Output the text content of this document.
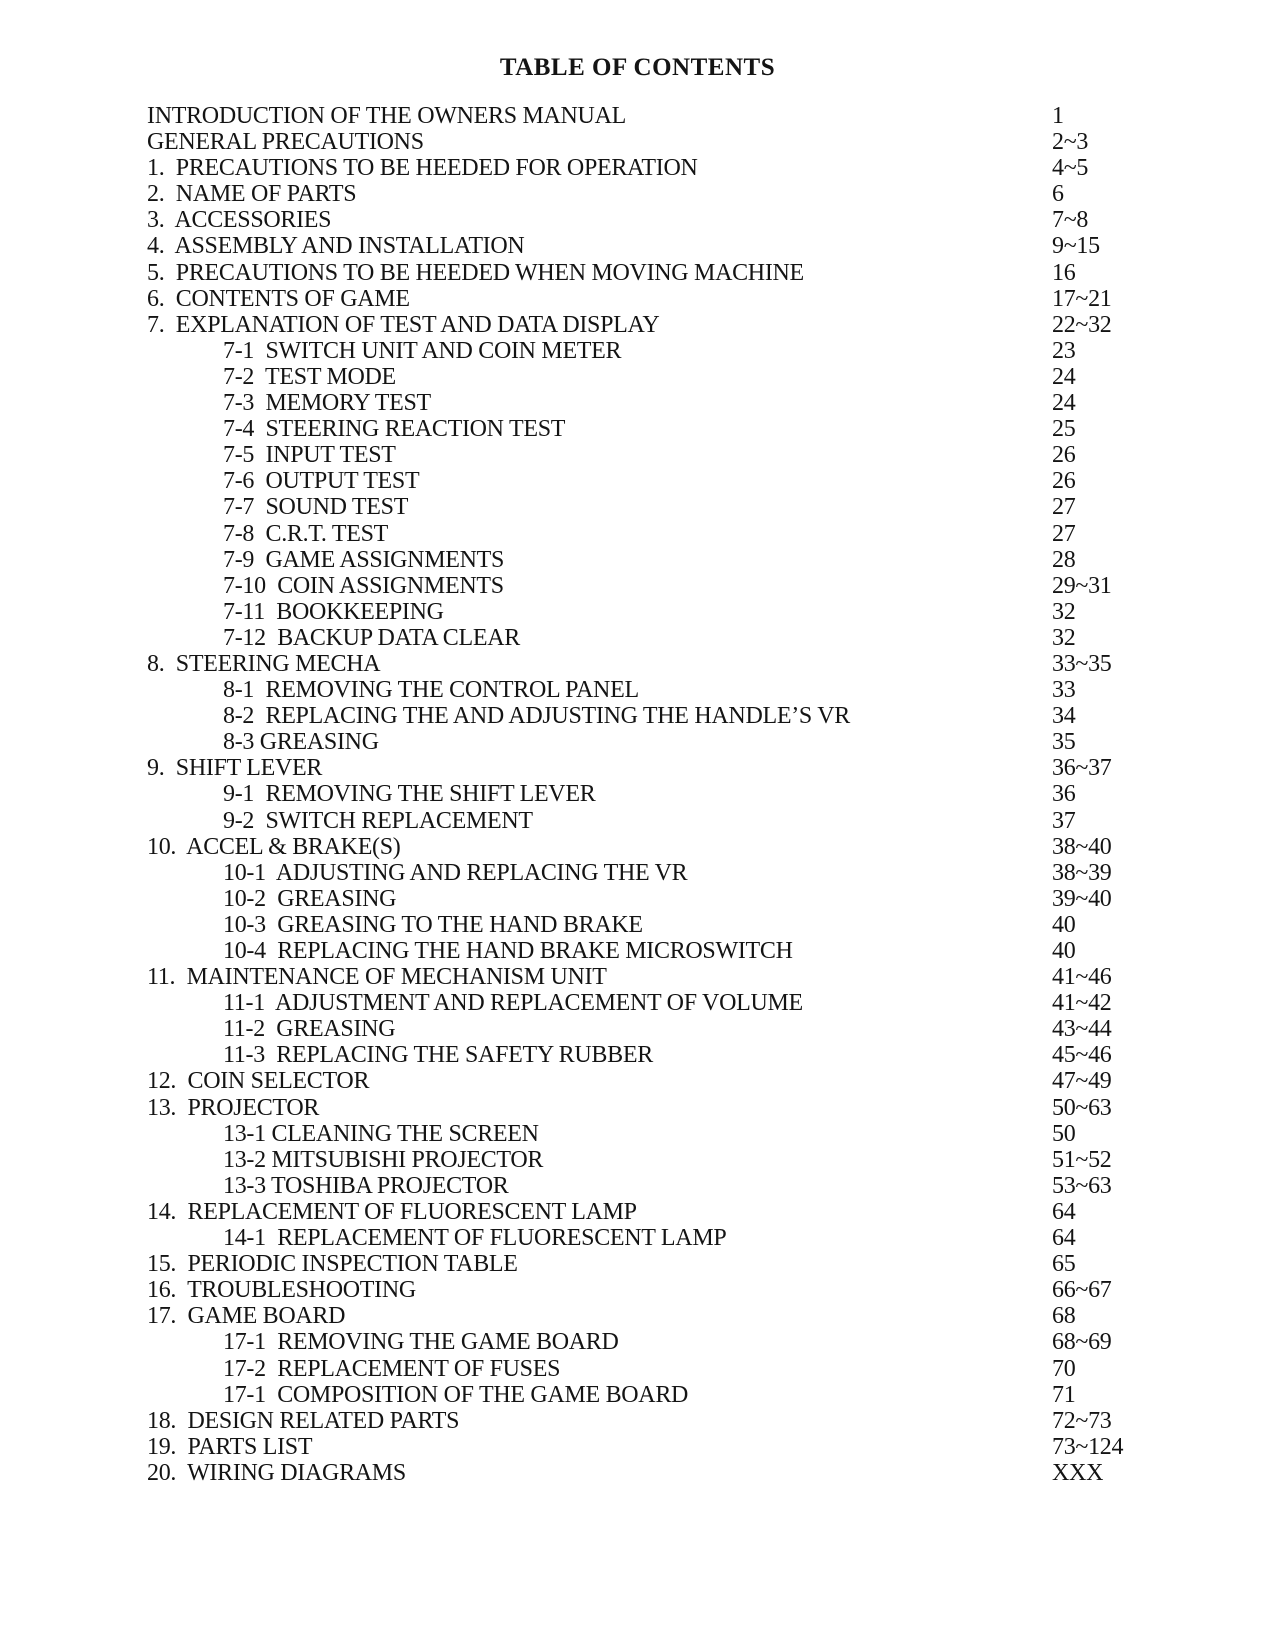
TABLE OF CONTENTS
INTRODUCTION OF THE OWNERS MANUAL	1
GENERAL PRECAUTIONS	2~3
1.  PRECAUTIONS TO BE HEEDED FOR OPERATION	4~5
2.  NAME OF PARTS	6
3.  ACCESSORIES	7~8
4.  ASSEMBLY AND INSTALLATION	9~15
5.  PRECAUTIONS TO BE HEEDED WHEN MOVING MACHINE	16
6.  CONTENTS OF GAME	17~21
7.  EXPLANATION OF TEST AND DATA DISPLAY	22~32
7-1  SWITCH UNIT AND COIN METER	23
7-2  TEST MODE	24
7-3  MEMORY TEST	24
7-4  STEERING REACTION TEST	25
7-5  INPUT TEST	26
7-6  OUTPUT TEST	26
7-7  SOUND TEST	27
7-8  C.R.T. TEST	27
7-9  GAME ASSIGNMENTS	28
7-10  COIN ASSIGNMENTS	29~31
7-11  BOOKKEEPING	32
7-12  BACKUP DATA CLEAR	32
8.  STEERING MECHA	33~35
8-1  REMOVING THE CONTROL PANEL	33
8-2  REPLACING THE AND ADJUSTING THE HANDLE’S VR	34
8-3 GREASING	35
9.  SHIFT LEVER	36~37
9-1  REMOVING THE SHIFT LEVER	36
9-2  SWITCH REPLACEMENT	37
10.  ACCEL & BRAKE(S)	38~40
10-1  ADJUSTING AND REPLACING THE VR	38~39
10-2  GREASING	39~40
10-3  GREASING TO THE HAND BRAKE	40
10-4  REPLACING THE HAND BRAKE MICROSWITCH	40
11.  MAINTENANCE OF MECHANISM UNIT	41~46
11-1  ADJUSTMENT AND REPLACEMENT OF VOLUME	41~42
11-2  GREASING	43~44
11-3  REPLACING THE SAFETY RUBBER	45~46
12.  COIN SELECTOR	47~49
13.  PROJECTOR	50~63
13-1 CLEANING THE SCREEN	50
13-2 MITSUBISHI PROJECTOR	51~52
13-3 TOSHIBA PROJECTOR	53~63
14.  REPLACEMENT OF FLUORESCENT LAMP	64
14-1  REPLACEMENT OF FLUORESCENT LAMP	64
15.  PERIODIC INSPECTION TABLE	65
16.  TROUBLESHOOTING	66~67
17.  GAME BOARD	68
17-1  REMOVING THE GAME BOARD	68~69
17-2  REPLACEMENT OF FUSES	70
17-1  COMPOSITION OF THE GAME BOARD	71
18.  DESIGN RELATED PARTS	72~73
19.  PARTS LIST	73~124
20.  WIRING DIAGRAMS	XXX
